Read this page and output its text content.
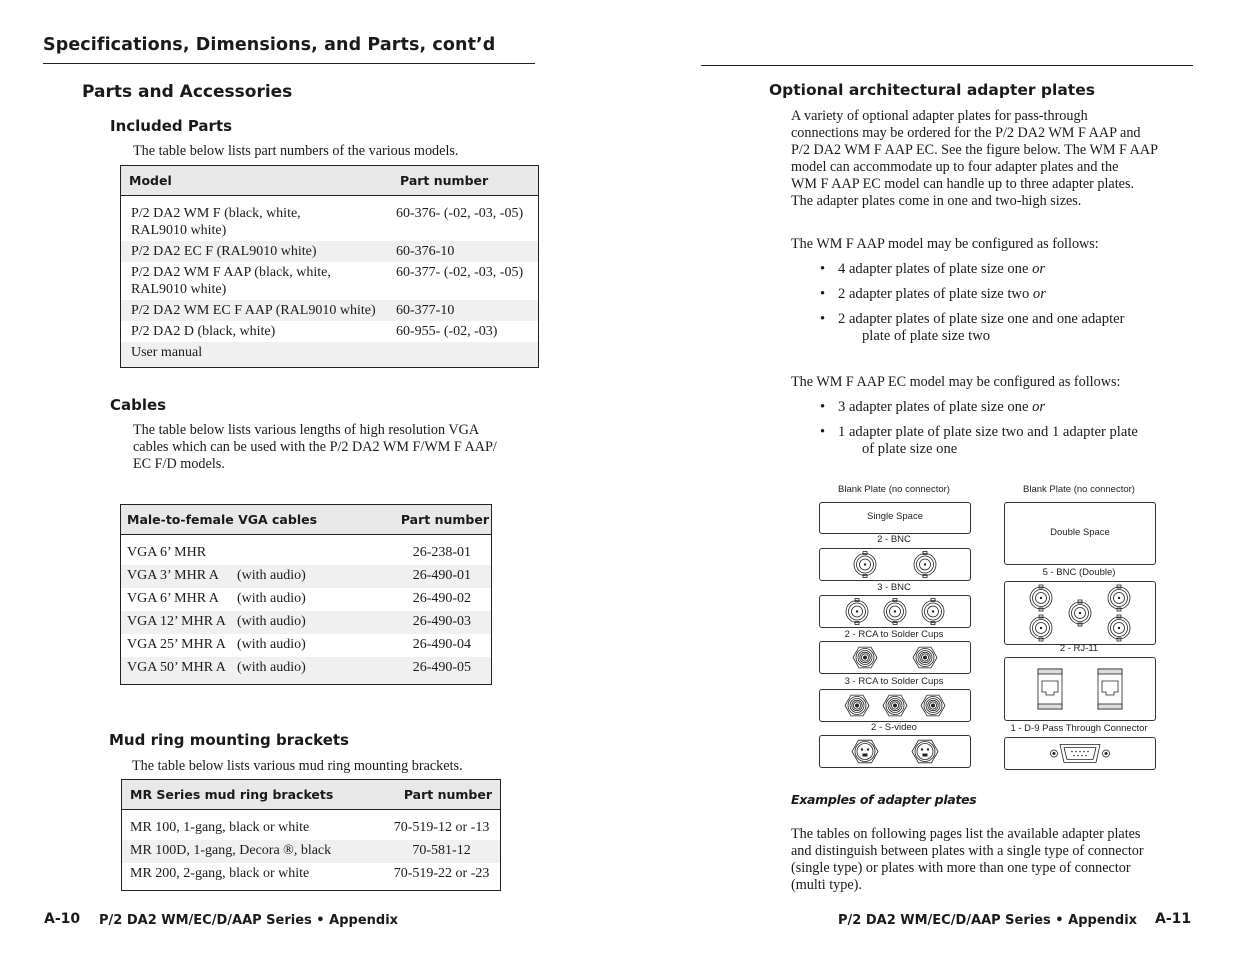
Specifications, Dimensions, and Parts, cont’d
Parts and Accessories
Included Parts
The table below lists part numbers of the various models.
Model	Part number

P/2 DA2 WM F (black, white,
RAL9010 white)	60-376- (-02, -03, -05)

P/2 DA2 EC F (RAL9010 white)	60-376-10

P/2 DA2 WM F AAP (black, white,
RAL9010 white)	60-377- (-02, -03, -05)

P/2 DA2 WM EC F AAP (RAL9010 white)	60-377-10

P/2 DA2 D (black, white)	60-955- (-02, -03)

User manual	

Cables
The table below lists various lengths of high resolution VGA
cables which can be used with the P/2 DA2 WM F/WM F AAP/
EC F/D models.
Male-to-female VGA cables	Part number
VGA 6’ MHR	26-238-01
VGA 3’ MHR A (with audio)	26-490-01
VGA 6’ MHR A (with audio)	26-490-02
VGA 12’ MHR A (with audio)	26-490-03
VGA 25’ MHR A (with audio)	26-490-04
VGA 50’ MHR A (with audio)	26-490-05
Mud ring mounting brackets
The table below lists various mud ring mounting brackets.
MR Series mud ring brackets	Part number
MR 100, 1-gang, black or white	70-519-12 or -13
MR 100D, 1-gang, Decora ®, black	70-581-12
MR 200, 2-gang, black or white	70-519-22 or -23
A-10 P/2 DA2 WM/EC/D/AAP Series • Appendix
Optional architectural adapter plates
A variety of optional adapter plates for pass-through
connections may be ordered for the P/2 DA2 WM F AAP and
P/2 DA2 WM F AAP EC. See the figure below. The WM F AAP
model can accommodate up to four adapter plates and the
WM F AAP EC model can handle up to three adapter plates.
The adapter plates come in one and two-high sizes.
The WM F AAP model may be configured as follows:
• 4 adapter plates of plate size one or
• 2 adapter plates of plate size two or
• 2 adapter plates of plate size one and one adapter
plate of plate size two
The WM F AAP EC model may be configured as follows:
• 3 adapter plates of plate size one or
• 1 adapter plate of plate size two and 1 adapter plate
of plate size one
Blank Plate (no connector)
Single Space
2 - BNC
3 - BNC
2 - RCA to Solder Cups
3 - RCA to Solder Cups
2 - S-video
Blank Plate (no connector)
Double Space
5 - BNC (Double)
2 - RJ-11
1 - D-9 Pass Through Connector
Examples of adapter plates
The tables on following pages list the available adapter plates
and distinguish between plates with a single type of connector
(single type) or plates with more than one type of connector
(multi type).
P/2 DA2 WM/EC/D/AAP Series • Appendix A-11
